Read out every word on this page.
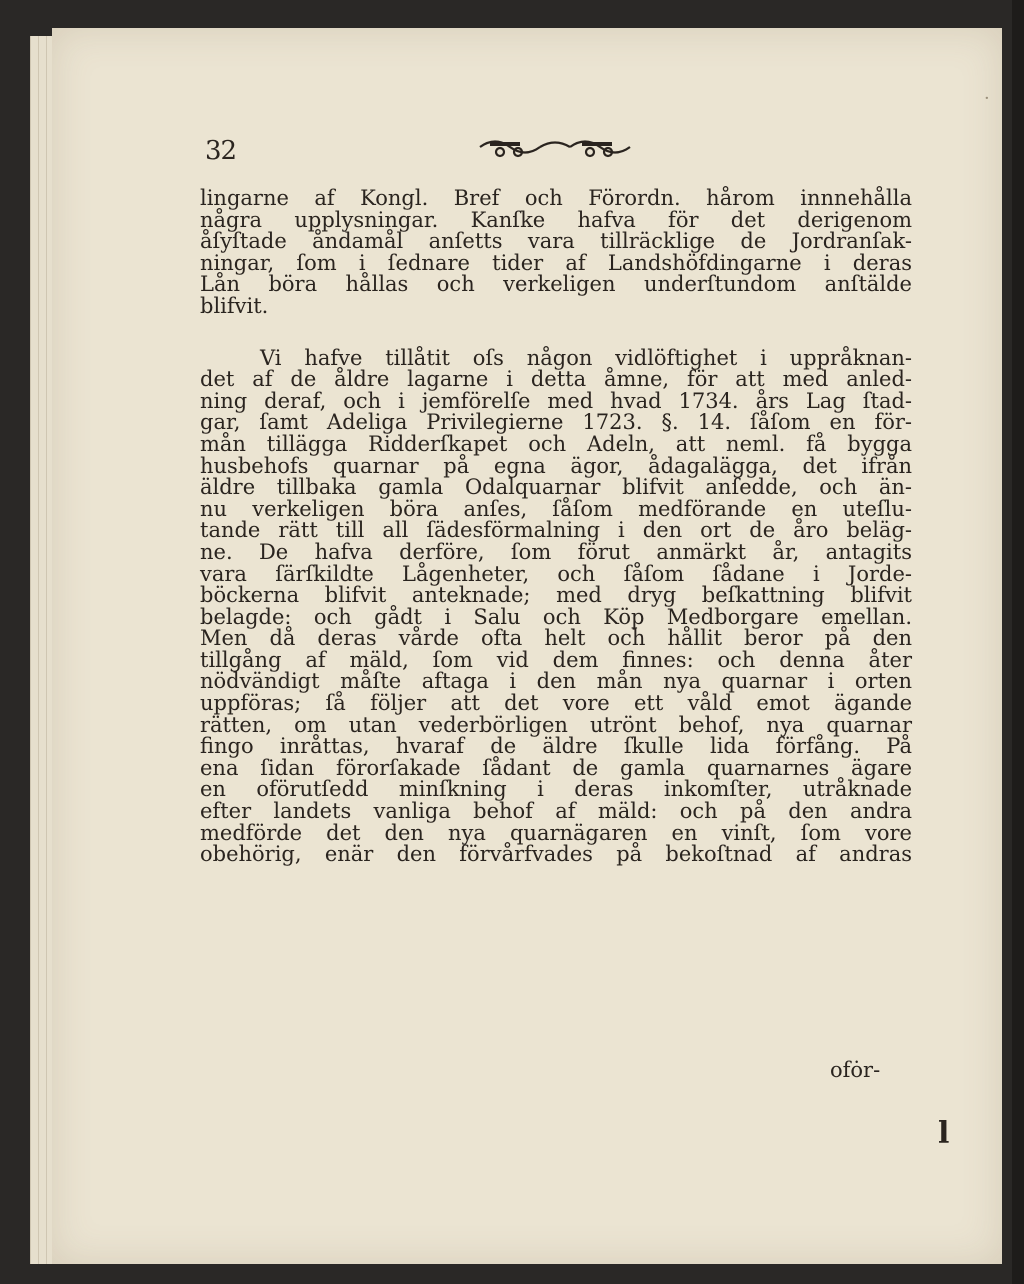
·
32
lingarne af Kongl. Bref och Förordn. hårom innnehålla
några upplysningar. Kanſke hafva för det derigenom
åſyſtade åndamål anſetts vara tillräcklige de Jordranſak-
ningar, ſom i ſednare tider af Landshöfdingarne i deras
Lån böra hållas och verkeligen underſtundom anſtälde
blifvit.
Vi hafve tillåtit oſs någon vidlöftighet i uppråknan-
det af de åldre lagarne i detta åmne, för att med anled-
ning deraf, och i jemförelſe med hvad 1734. års Lag ſtad-
gar, ſamt Adeliga Privilegierne 1723. §. 14. ſåſom en för-
mån tillägga Ridderſkapet och Adeln, att neml. få bygga
husbehofs quarnar på egna ägor, ådagalägga, det ifrån
äldre tillbaka gamla Odalquarnar blifvit anſedde, och än-
nu verkeligen böra anſes, ſåſom medförande en uteſlu-
tande rätt till all ſädesförmalning i den ort de åro beläg-
ne. De hafva derföre, ſom förut anmärkt år, antagits
vara ſärſkildte Lågenheter, och ſåſom ſådane i Jorde-
böckerna blifvit anteknade; med dryg beſkattning blifvit
belagde: och gådt i Salu och Köp Medborgare emellan.
Men då deras vårde ofta helt och hållit beror på den
tillgång af mäld, ſom vid dem finnes: och denna åter
nödvändigt måſte aftaga i den mån nya quarnar i orten
uppföras; ſå följer att det vore ett våld emot ägande
rätten, om utan vederbörligen utrönt behof, nya quarnar
fingo inråttas, hvaraf de äldre ſkulle lida förfång. På
ena ſidan förorſakade ſådant de gamla quarnarnes ägare
en oförutſedd minſkning i deras inkomſter, utråknade
efter landets vanliga behof af mäld: och på den andra
medförde det den nya quarnägaren en vinſt, ſom vore
obehörig, enär den förvårfvades på bekoſtnad af andras
ofȯr-
l
